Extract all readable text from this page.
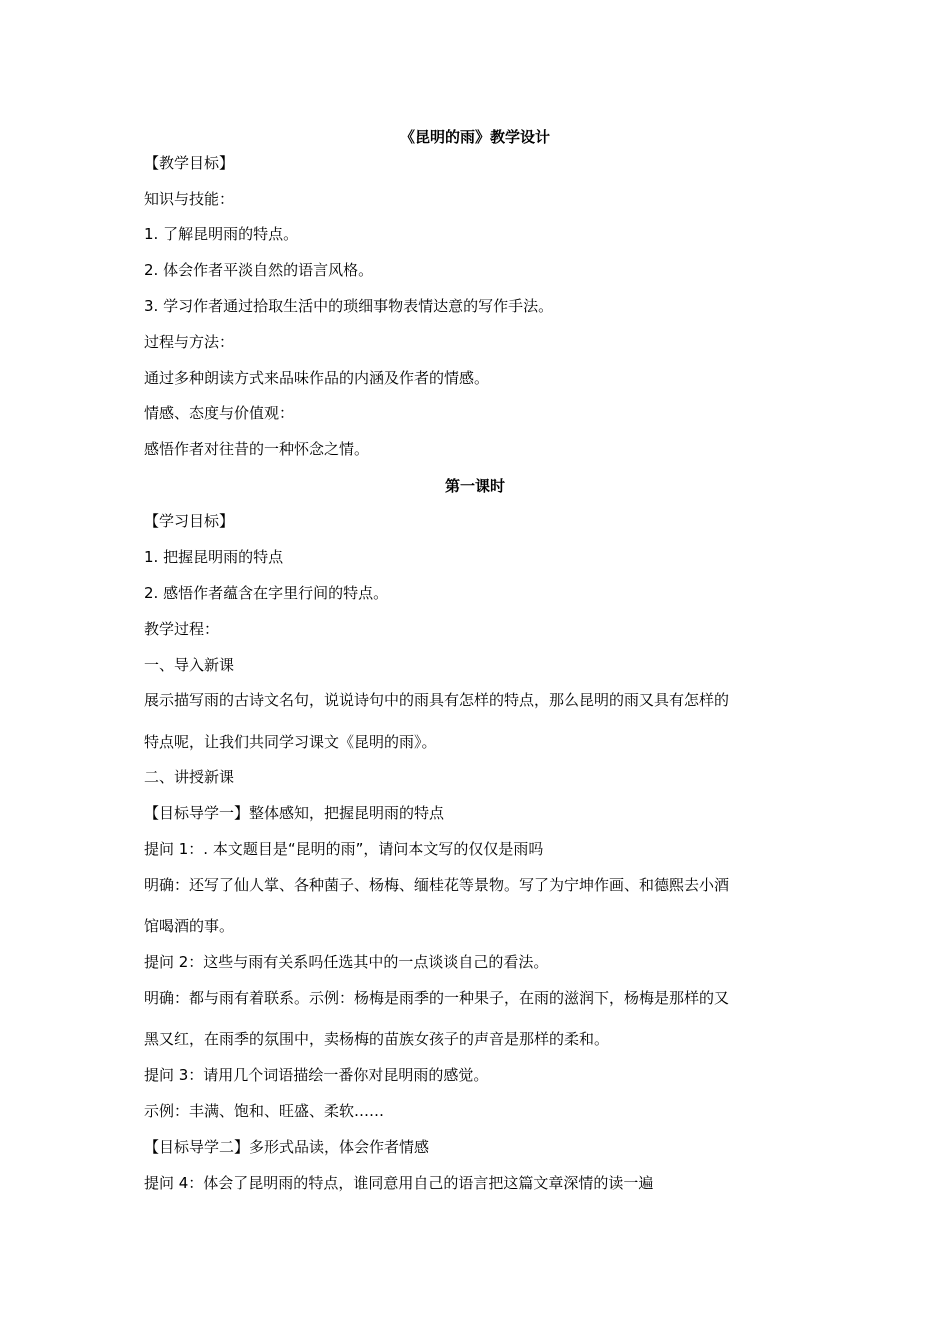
《昆明的雨》教学设计
【教学目标】
知识与技能：
1. 了解昆明雨的特点。
2. 体会作者平淡自然的语言风格。
3. 学习作者通过拾取生活中的琐细事物表情达意的写作手法。
过程与方法：
通过多种朗读方式来品味作品的内涵及作者的情感。
情感、态度与价值观：
感悟作者对往昔的一种怀念之情。
第一课时
【学习目标】
1. 把握昆明雨的特点
2. 感悟作者蕴含在字里行间的特点。
教学过程：
一、导入新课
展示描写雨的古诗文名句，说说诗句中的雨具有怎样的特点，那么昆明的雨又具有怎样的
特点呢，让我们共同学习课文《昆明的雨》。
二、讲授新课
【目标导学一】整体感知，把握昆明雨的特点
提问 1：. 本文题目是“昆明的雨”，请问本文写的仅仅是雨吗
明确：还写了仙人掌、各种菌子、杨梅、缅桂花等景物。写了为宁坤作画、和德熙去小酒
馆喝酒的事。
提问 2：这些与雨有关系吗任选其中的一点谈谈自己的看法。
明确：都与雨有着联系。示例：杨梅是雨季的一种果子，在雨的滋润下，杨梅是那样的又
黑又红，在雨季的氛围中，卖杨梅的苗族女孩子的声音是那样的柔和。
提问 3：请用几个词语描绘一番你对昆明雨的感觉。
示例：丰满、饱和、旺盛、柔软……
【目标导学二】多形式品读，体会作者情感
提问 4：体会了昆明雨的特点，谁同意用自己的语言把这篇文章深情的读一遍
